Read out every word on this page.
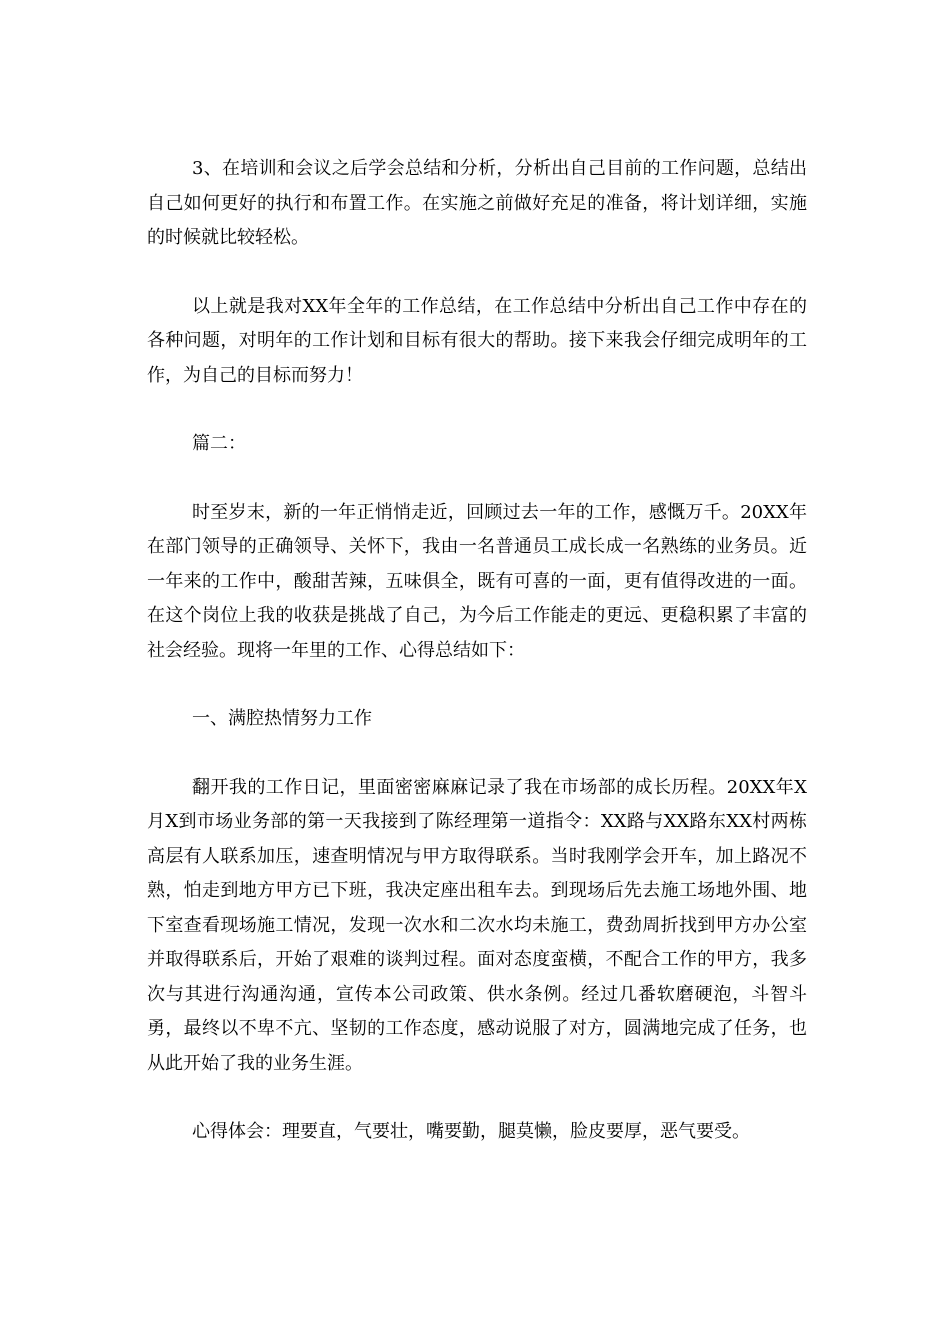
3、在培训和会议之后学会总结和分析，分析出自己目前的工作问题，总结出自己如何更好的执行和布置工作。在实施之前做好充足的准备，将计划详细，实施的时候就比较轻松。

以上就是我对XX年全年的工作总结，在工作总结中分析出自己工作中存在的各种问题，对明年的工作计划和目标有很大的帮助。接下来我会仔细完成明年的工作，为自己的目标而努力！

篇二：

时至岁末，新的一年正悄悄走近，回顾过去一年的工作，感慨万千。20XX年在部门领导的正确领导、关怀下，我由一名普通员工成长成一名熟练的业务员。近一年来的工作中，酸甜苦辣，五味俱全，既有可喜的一面，更有值得改进的一面。在这个岗位上我的收获是挑战了自己，为今后工作能走的更远、更稳积累了丰富的社会经验。现将一年里的工作、心得总结如下：

一、满腔热情努力工作

翻开我的工作日记，里面密密麻麻记录了我在市场部的成长历程。20XX年X月X到市场业务部的第一天我接到了陈经理第一道指令：XX路与XX路东XX村两栋高层有人联系加压，速查明情况与甲方取得联系。当时我刚学会开车，加上路况不熟，怕走到地方甲方已下班，我决定座出租车去。到现场后先去施工场地外围、地下室查看现场施工情况，发现一次水和二次水均未施工，费劲周折找到甲方办公室并取得联系后，开始了艰难的谈判过程。面对态度蛮横，不配合工作的甲方，我多次与其进行沟通沟通，宣传本公司政策、供水条例。经过几番软磨硬泡，斗智斗勇，最终以不卑不亢、坚韧的工作态度，感动说服了对方，圆满地完成了任务，也从此开始了我的业务生涯。

心得体会：理要直，气要壮，嘴要勤，腿莫懒，脸皮要厚，恶气要受。
